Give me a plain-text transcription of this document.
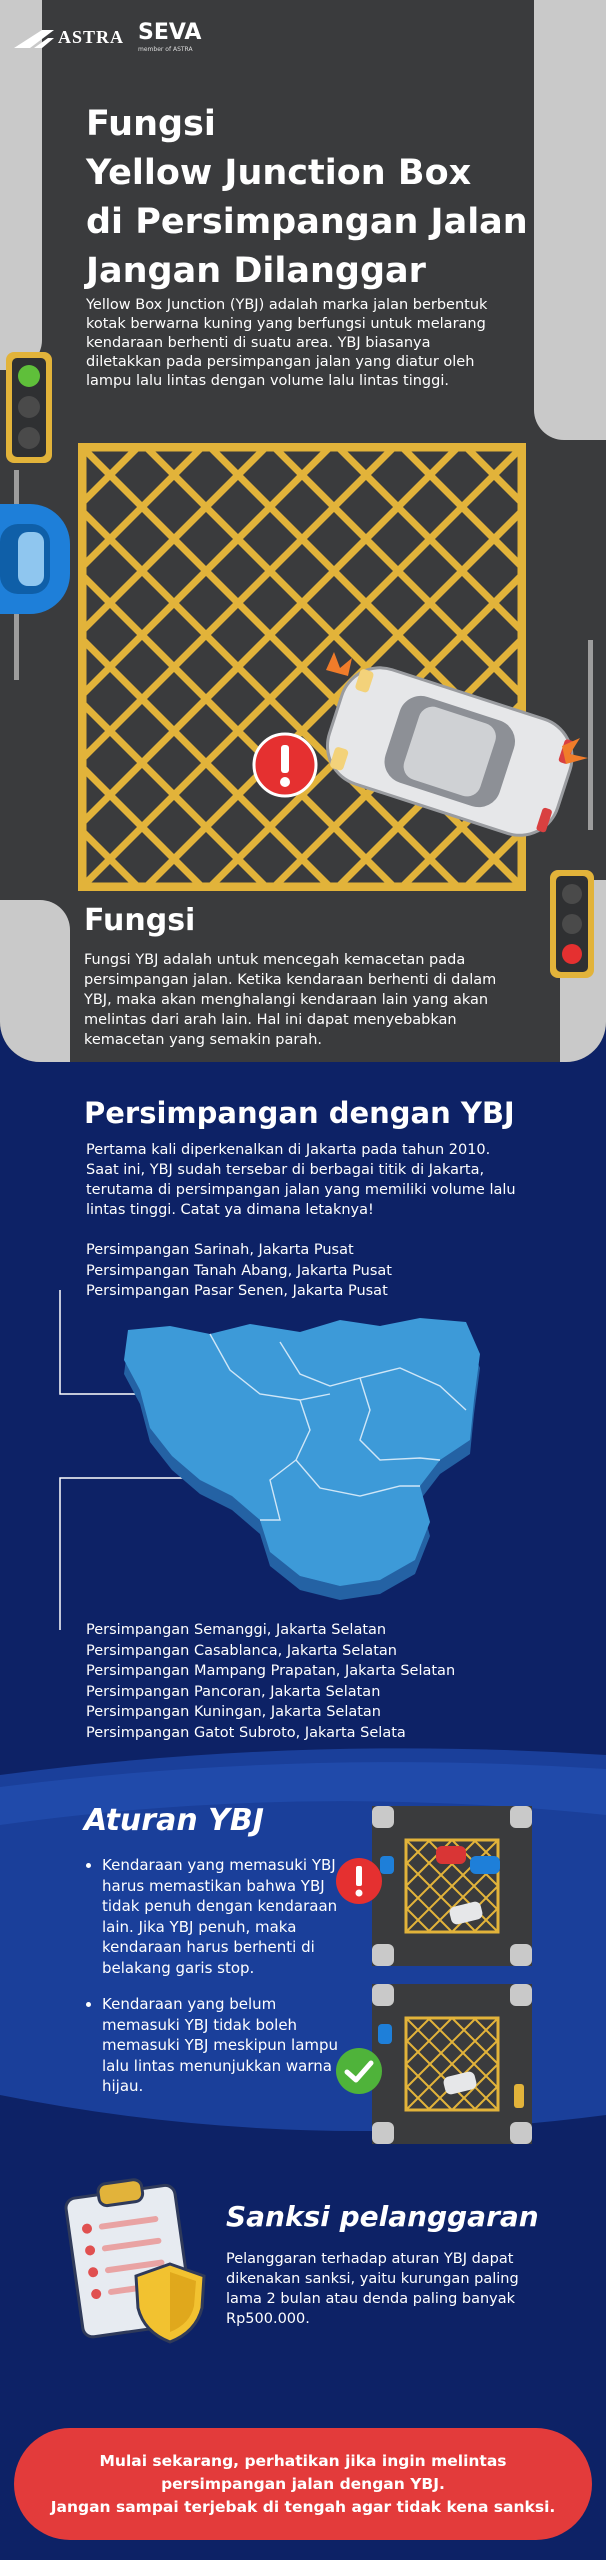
ASTRA SEVA
member of ASTRA
Fungsi
Yellow Junction Box
di Persimpangan Jalan
Jangan Dilanggar

Yellow Box Junction (YBJ) adalah marka jalan berbentuk kotak berwarna kuning yang berfungsi untuk melarang kendaraan berhenti di suatu area. YBJ biasanya diletakkan pada persimpangan jalan yang diatur oleh lampu lalu lintas dengan volume lalu lintas tinggi.

Fungsi

Fungsi YBJ adalah untuk mencegah kemacetan pada persimpangan jalan. Ketika kendaraan berhenti di dalam YBJ, maka akan menghalangi kendaraan lain yang akan melintas dari arah lain. Hal ini dapat menyebabkan kemacetan yang semakin parah.

Persimpangan dengan YBJ

Pertama kali diperkenalkan di Jakarta pada tahun 2010. Saat ini, YBJ sudah tersebar di berbagai titik di Jakarta, terutama di persimpangan jalan yang memiliki volume lalu lintas tinggi. Catat ya dimana letaknya!

Persimpangan Sarinah, Jakarta Pusat
Persimpangan Tanah Abang, Jakarta Pusat
Persimpangan Pasar Senen, Jakarta Pusat
Persimpangan Semanggi, Jakarta Selatan
Persimpangan Casablanca, Jakarta Selatan
Persimpangan Mampang Prapatan, Jakarta Selatan
Persimpangan Pancoran, Jakarta Selatan
Persimpangan Kuningan, Jakarta Selatan
Persimpangan Gatot Subroto, Jakarta Selata
Aturan YBJ
• Kendaraan yang memasuki YBJ harus memastikan bahwa YBJ tidak penuh dengan kendaraan lain. Jika YBJ penuh, maka kendaraan harus berhenti di belakang garis stop.
• Kendaraan yang belum memasuki YBJ tidak boleh memasuki YBJ meskipun lampu lalu lintas menunjukkan warna hijau.
Sanksi pelanggaran

Pelanggaran terhadap aturan YBJ dapat dikenakan sanksi, yaitu kurungan paling lama 2 bulan atau denda paling banyak Rp500.000.

Mulai sekarang, perhatikan jika ingin melintas

persimpangan jalan dengan YBJ.

Jangan sampai terjebak di tengah agar tidak kena sanksi.
